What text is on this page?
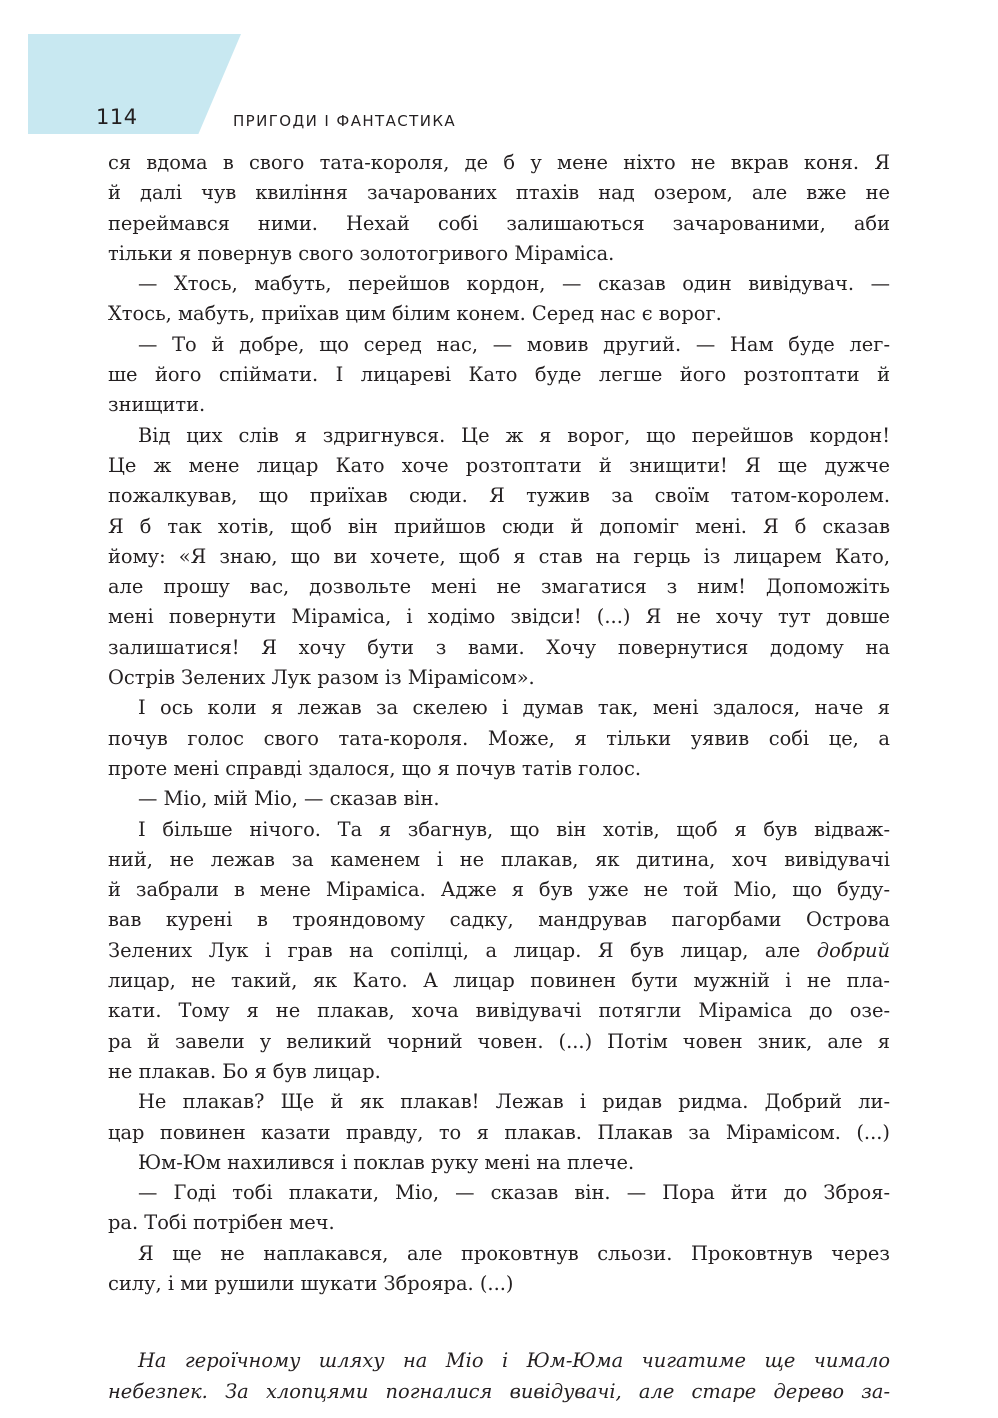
114	ПРИГОДИ І ФАНТАСТИКА
ся вдома в свого тата-короля, де б у мене ніхто не вкрав коня. Я
й далі чув квиління зачарованих птахів над озером, але вже не
переймався ними. Нехай собі залишаються зачарованими, аби
тільки я повернув свого золотогривого Міраміса.
— Хтось, мабуть, перейшов кордон, — сказав один вивідувач. —
Хтось, мабуть, приїхав цим білим конем. Серед нас є ворог.
— То й добре, що серед нас, — мовив другий. — Нам буде лег-
ше його спіймати. І лицареві Като буде легше його розтоптати й
знищити.
Від цих слів я здригнувся. Це ж я ворог, що перейшов кордон!
Це ж мене лицар Като хоче розтоптати й знищити! Я ще дужче
пожалкував, що приїхав сюди. Я тужив за своїм татом-королем.
Я б так хотів, щоб він прийшов сюди й допоміг мені. Я б сказав
йому: «Я знаю, що ви хочете, щоб я став на герць із лицарем Като,
але прошу вас, дозвольте мені не змагатися з ним! Допоможіть
мені повернути Міраміса, і ходімо звідси! (...) Я не хочу тут довше
залишатися! Я хочу бути з вами. Хочу повернутися додому на
Острів Зелених Лук разом із Мірамісом».
І ось коли я лежав за скелею і думав так, мені здалося, наче я
почув голос свого тата-короля. Може, я тільки уявив собі це, а
проте мені справді здалося, що я почув татів голос.
— Міо, мій Міо, — сказав він.
І більше нічого. Та я збагнув, що він хотів, щоб я був відваж-
ний, не лежав за каменем і не плакав, як дитина, хоч вивідувачі
й забрали в мене Міраміса. Адже я був уже не той Міо, що буду-
вав курені в трояндовому садку, мандрував пагорбами Острова
Зелених Лук і грав на сопілці, а лицар. Я був лицар, але добрий
лицар, не такий, як Като. А лицар повинен бути мужній і не пла-
кати. Тому я не плакав, хоча вивідувачі потягли Міраміса до озе-
ра й завели у великий чорний човен. (...) Потім човен зник, але я
не плакав. Бо я був лицар.
Не плакав? Ще й як плакав! Лежав і ридав ридма. Добрий ли-
цар повинен казати правду, то я плакав. Плакав за Мірамісом. (...)
Юм-Юм нахилився і поклав руку мені на плече.
— Годі тобі плакати, Міо, — сказав він. — Пора йти до Зброя-
ра. Тобі потрібен меч.
Я ще не наплакався, але проковтнув сльози. Проковтнув через
силу, і ми рушили шукати Зброяра. (...)
На героїчному шляху на Міо і Юм-Юма чигатиме ще чимало
небезпек. За хлопцями погналися вивідувачі, але старе дерево за-
